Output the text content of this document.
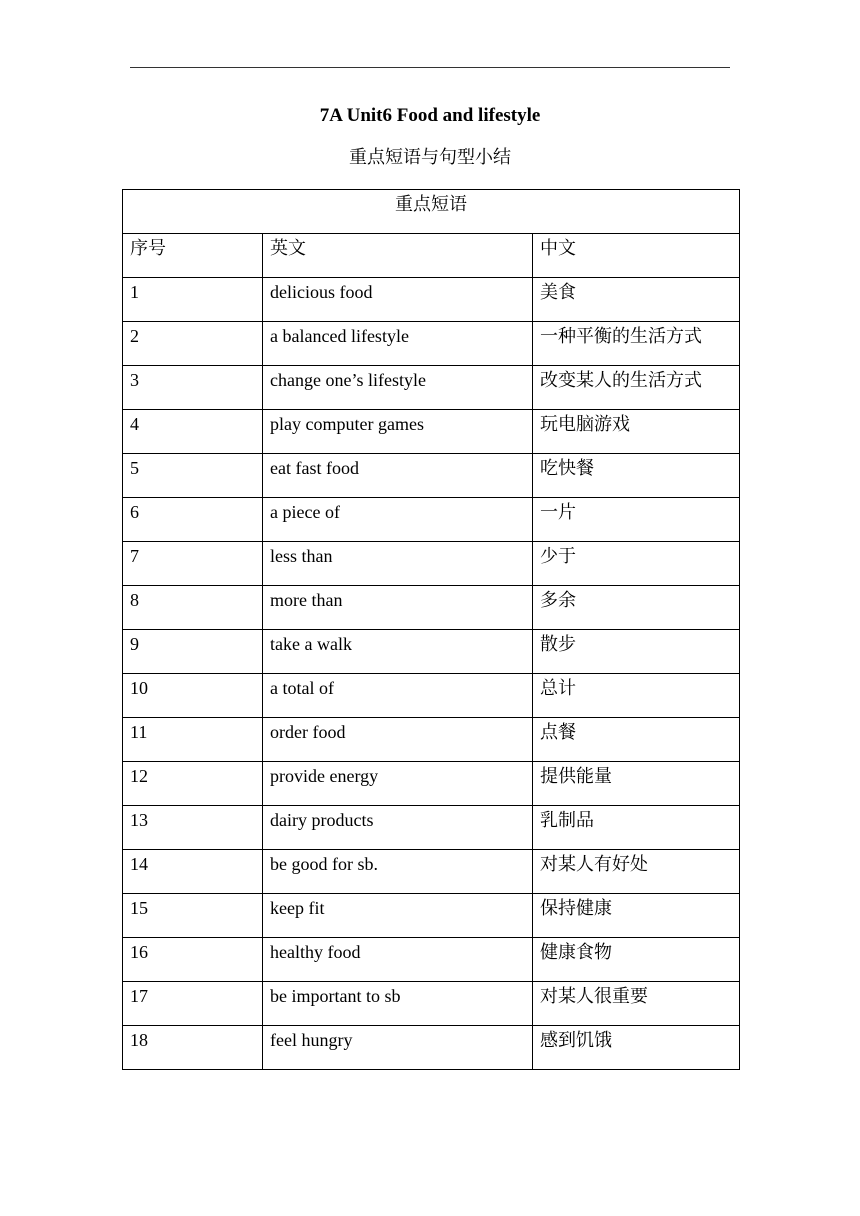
7A Unit6 Food and lifestyle
重点短语与句型小结
重点短语		
序号	英文	中文
1	delicious food	美食
2	a balanced lifestyle	一种平衡的生活方式
3	change one’s lifestyle	改变某人的生活方式
4	play computer games	玩电脑游戏
5	eat fast food	吃快餐
6	a piece of	一片
7	less than	少于
8	more than	多余
9	take a walk	散步
10	a total of	总计
11	order food	点餐
12	provide energy	提供能量
13	dairy products	乳制品
14	be good for sb.	对某人有好处
15	keep fit	保持健康
16	healthy food	健康食物
17	be important to sb	对某人很重要
18	feel hungry	感到饥饿
